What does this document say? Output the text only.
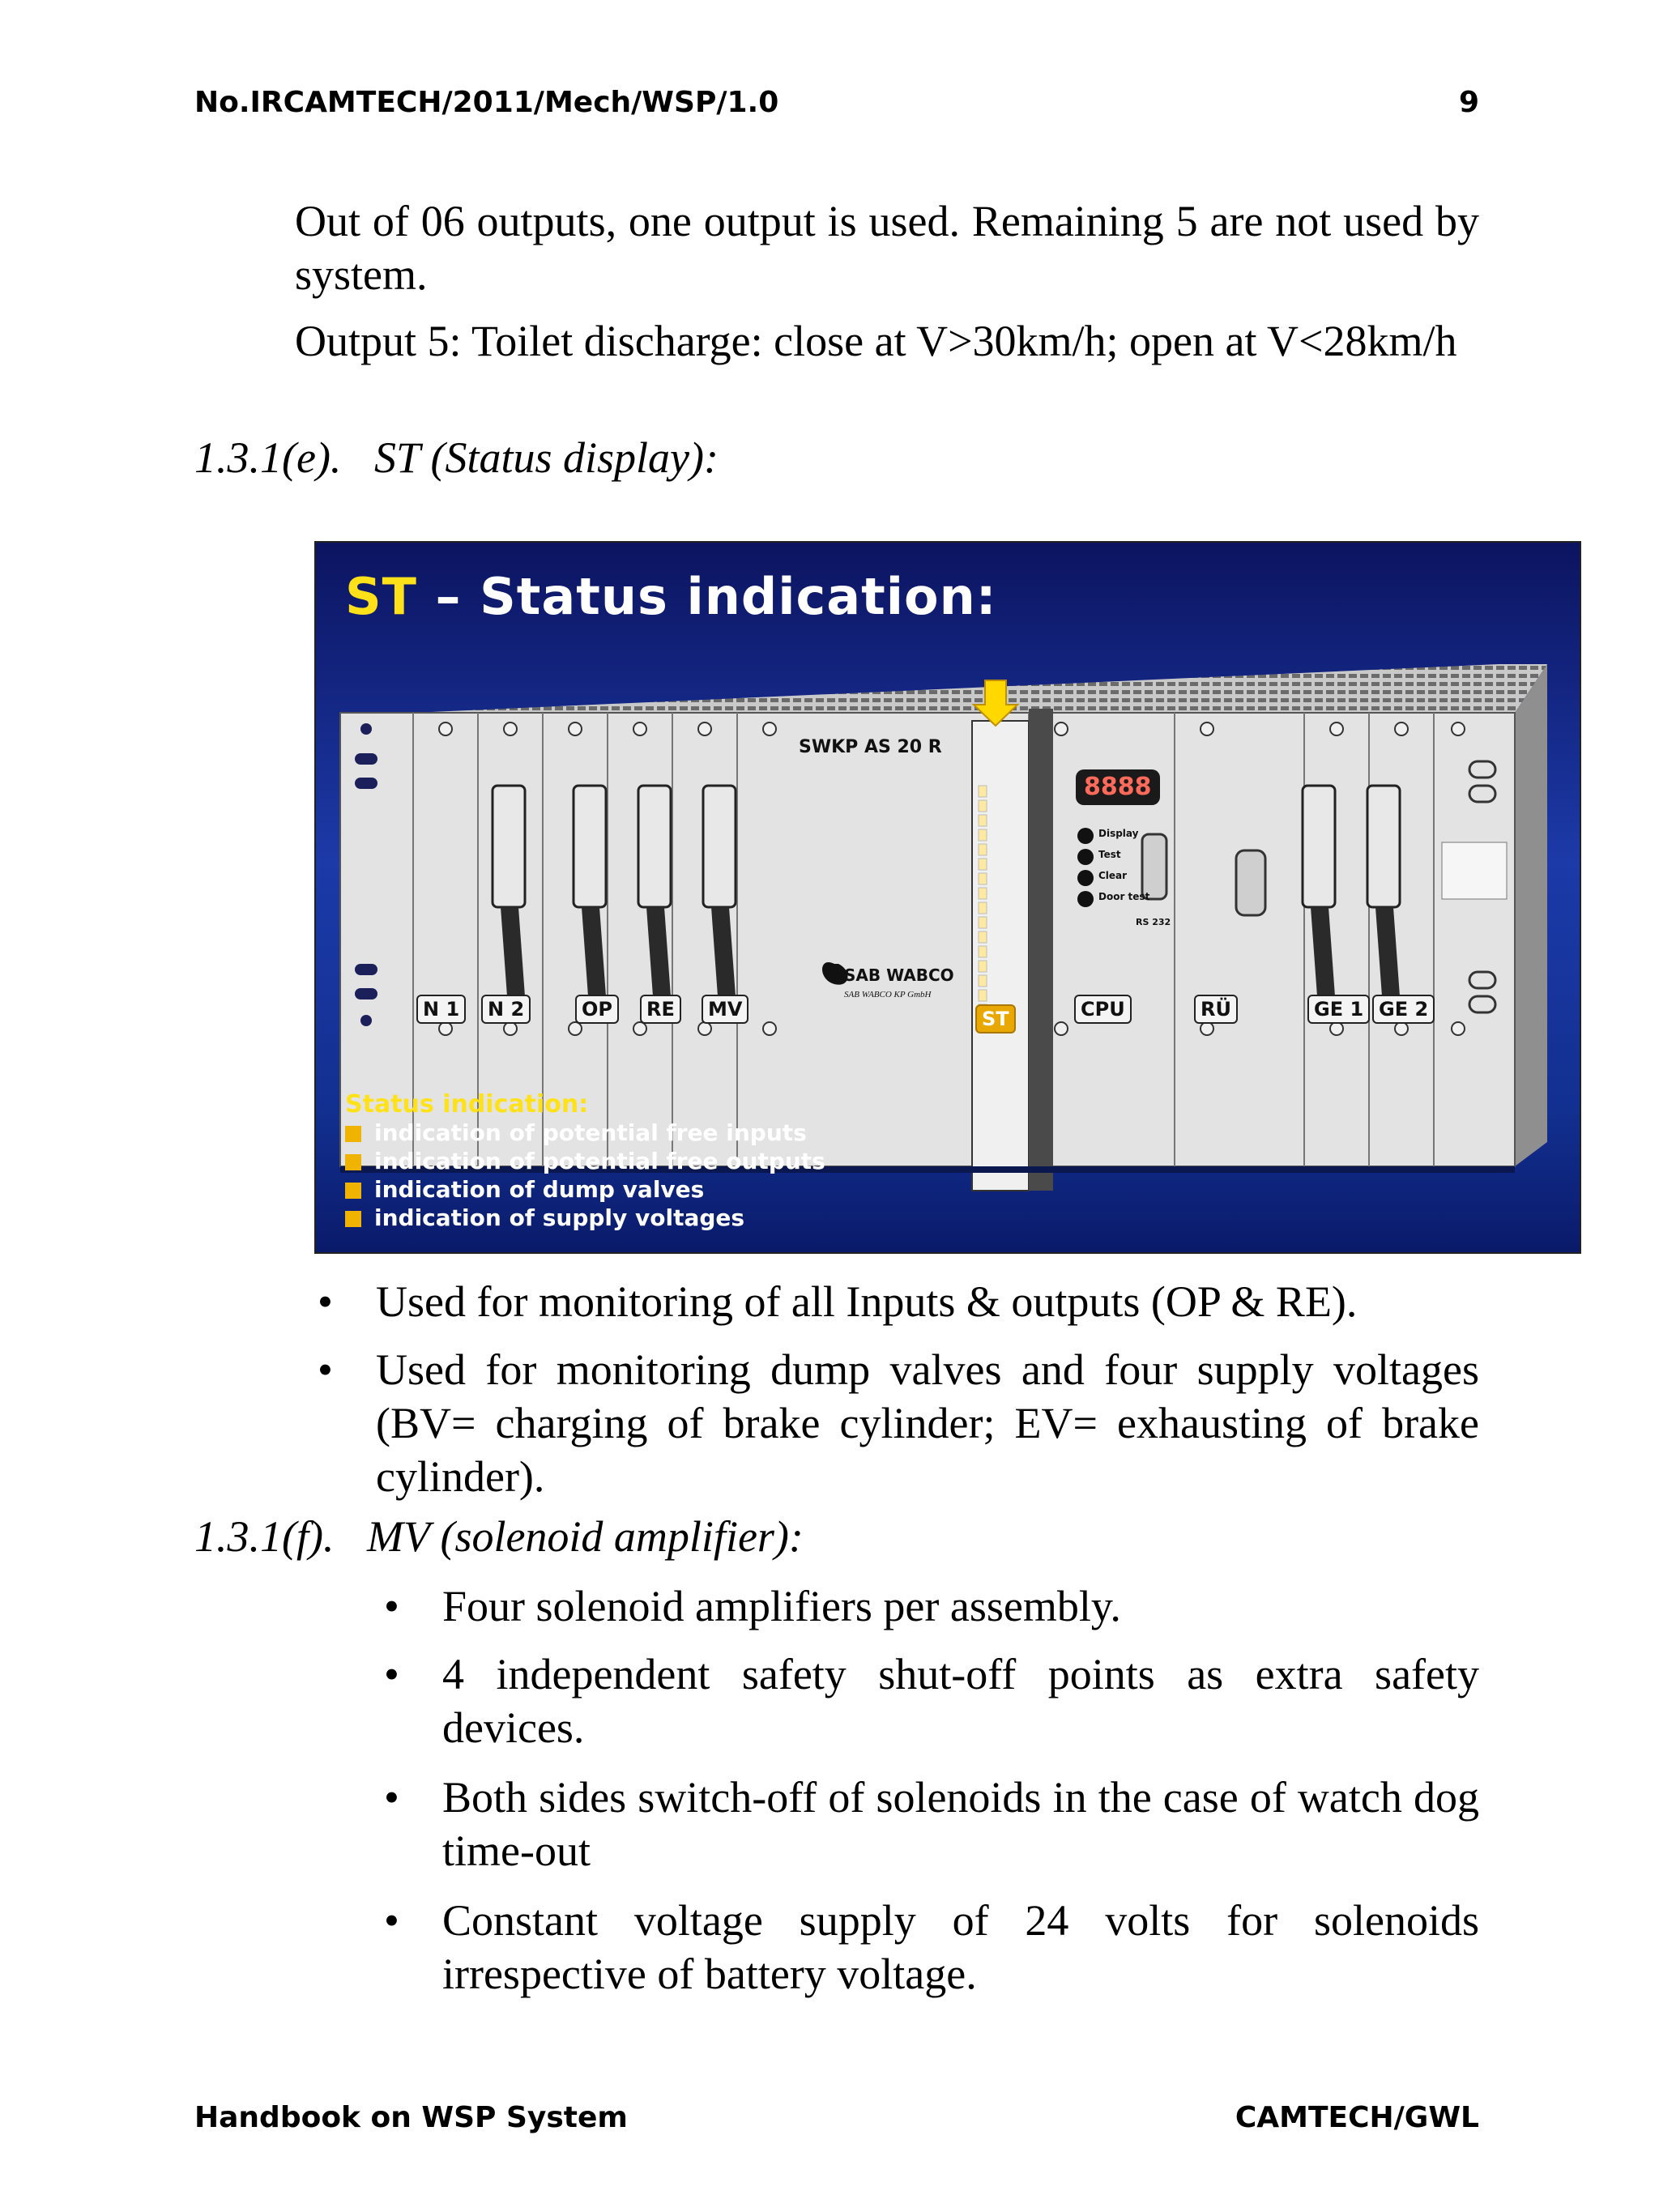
No.IRCAMTECH/2011/Mech/WSP/1.0	9
Out of 06 outputs, one output is used. Remaining 5 are not used by system.
Output 5: Toilet discharge: close at V>30km/h; open at V<28km/h
1.3.1(e). ST (Status display):
ST – Status indication:
SWKP AS 20 R
SAB WABCO
SAB WABCO KP GmbH
8888
Display
Test
Clear
Door test
RS 232
N 1	N 2	OP	RE	MV	ST	CPU	RÜ	GE 1 GE 2
Status indication:
indication of potential free inputs
indication of potential free outputs
indication of dump valves
indication of supply voltages
• Used for monitoring of all Inputs & outputs (OP & RE).
• Used for monitoring dump valves and four supply voltages (BV= charging of brake cylinder; EV= exhausting of brake cylinder).
1.3.1(f). MV (solenoid amplifier):
• Four solenoid amplifiers per assembly.
• 4 independent safety shut-off points as extra safety devices.
• Both sides switch-off of solenoids in the case of watch dog time-out
• Constant voltage supply of 24 volts for solenoids irrespective of battery voltage.
Handbook on WSP System	CAMTECH/GWL
